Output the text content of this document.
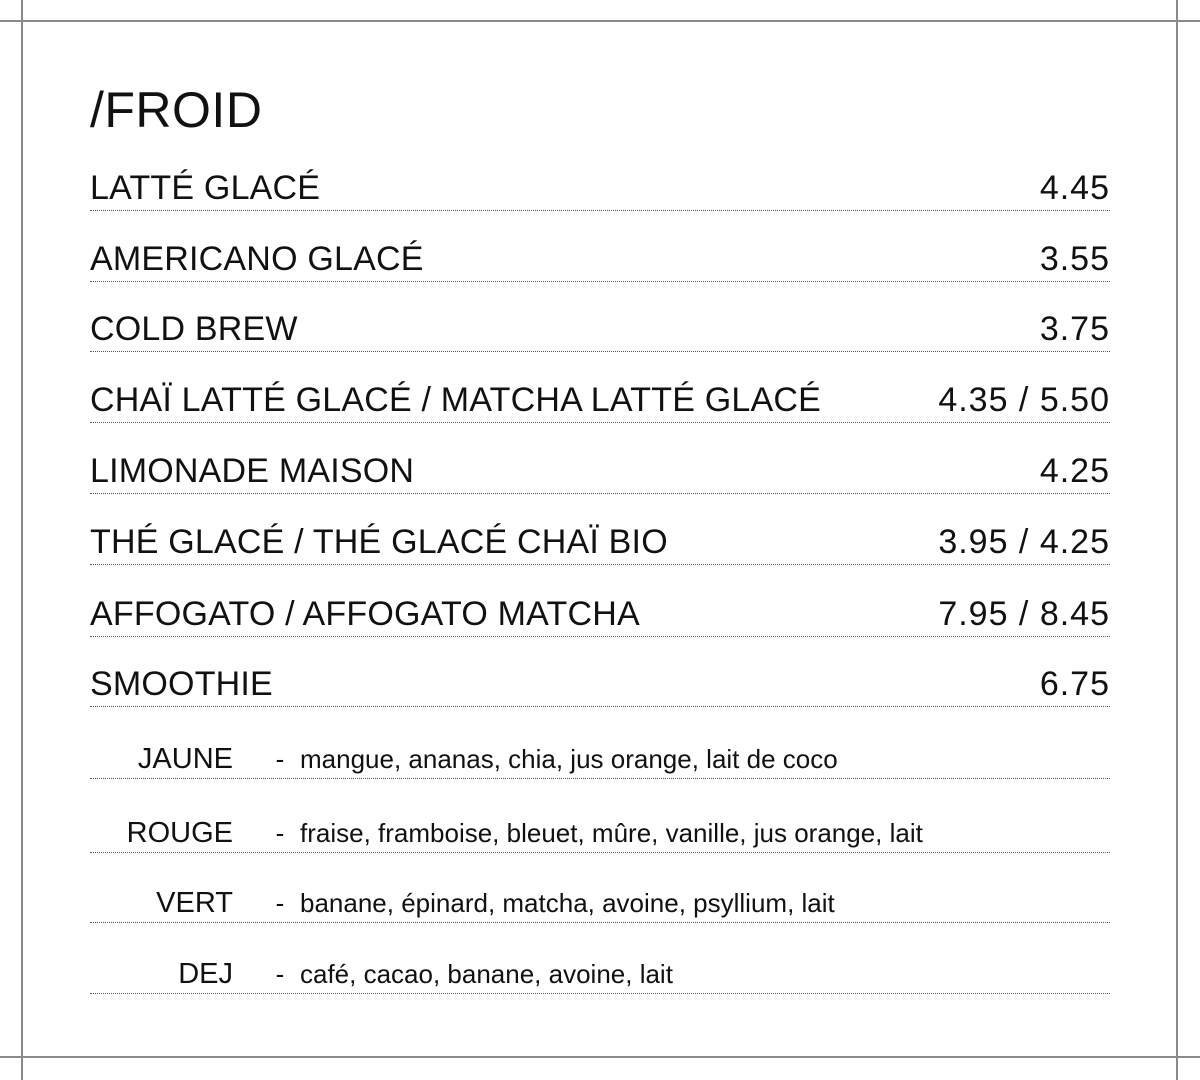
/FROID
LATTÉ GLACÉ	4.45
AMERICANO GLACÉ	3.55
COLD BREW	3.75
CHAÏ LATTÉ GLACÉ / MATCHA LATTÉ GLACÉ	4.35 / 5.50
LIMONADE MAISON	4.25
THÉ GLACÉ / THÉ GLACÉ CHAÏ BIO	3.95 / 4.25
AFFOGATO / AFFOGATO MATCHA	7.95 / 8.45
SMOOTHIE	6.75
JAUNE	- mangue, ananas, chia, jus orange, lait de coco
ROUGE	- fraise, framboise, bleuet, mûre, vanille, jus orange, lait
VERT	- banane, épinard, matcha, avoine, psyllium, lait
DEJ	- café, cacao, banane, avoine, lait
